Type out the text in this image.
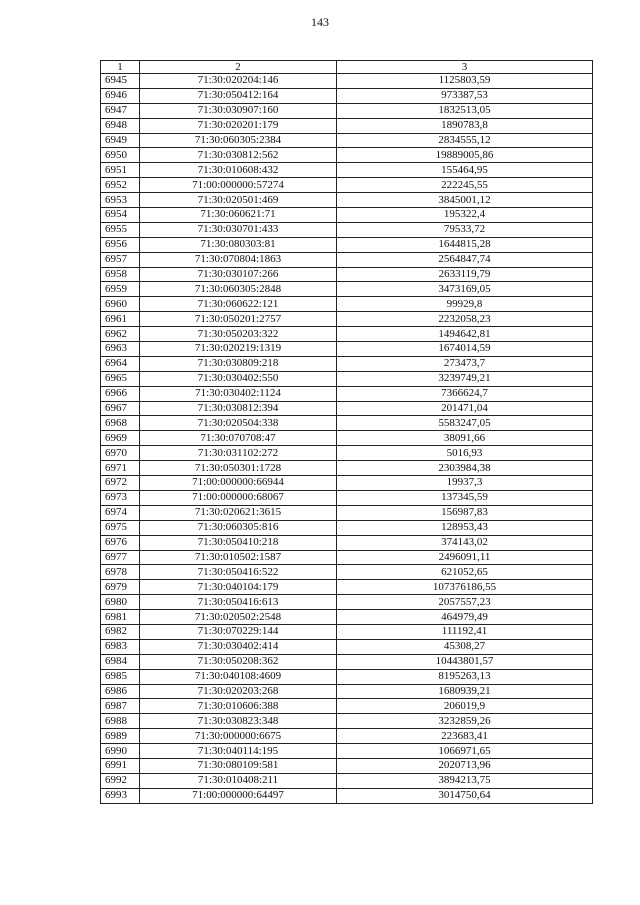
143
1	2	3
6945	71:30:020204:146	1125803,59
6946	71:30:050412:164	973387,53
6947	71:30:030907:160	1832513,05
6948	71:30:020201:179	1890783,8
6949	71:30:060305:2384	2834555,12
6950	71:30:030812:562	19889005,86
6951	71:30:010608:432	155464,95
6952	71:00:000000:57274	222245,55
6953	71:30:020501:469	3845001,12
6954	71:30:060621:71	195322,4
6955	71:30:030701:433	79533,72
6956	71:30:080303:81	1644815,28
6957	71:30:070804:1863	2564847,74
6958	71:30:030107:266	2633119,79
6959	71:30:060305:2848	3473169,05
6960	71:30:060622:121	99929,8
6961	71:30:050201:2757	2232058,23
6962	71:30:050203:322	1494642,81
6963	71:30:020219:1319	1674014,59
6964	71:30:030809:218	273473,7
6965	71:30:030402:550	3239749,21
6966	71:30:030402:1124	7366624,7
6967	71:30:030812:394	201471,04
6968	71:30:020504:338	5583247,05
6969	71:30:070708:47	38091,66
6970	71:30:031102:272	5016,93
6971	71:30:050301:1728	2303984,38
6972	71:00:000000:66944	19937,3
6973	71:00:000000:68067	137345,59
6974	71:30:020621:3615	156987,83
6975	71:30:060305:816	128953,43
6976	71:30:050410:218	374143,02
6977	71:30:010502:1587	2496091,11
6978	71:30:050416:522	621052,65
6979	71:30:040104:179	107376186,55
6980	71:30:050416:613	2057557,23
6981	71:30:020502:2548	464979,49
6982	71:30:070229:144	111192,41
6983	71:30:030402:414	45308,27
6984	71:30:050208:362	10443801,57
6985	71:30:040108:4609	8195263,13
6986	71:30:020203:268	1680939,21
6987	71:30:010606:388	206019,9
6988	71:30:030823:348	3232859,26
6989	71:30:000000:6675	223683,41
6990	71:30:040114:195	1066971,65
6991	71:30:080109:581	2020713,96
6992	71:30:010408:211	3894213,75
6993	71:00:000000:64497	3014750,64
